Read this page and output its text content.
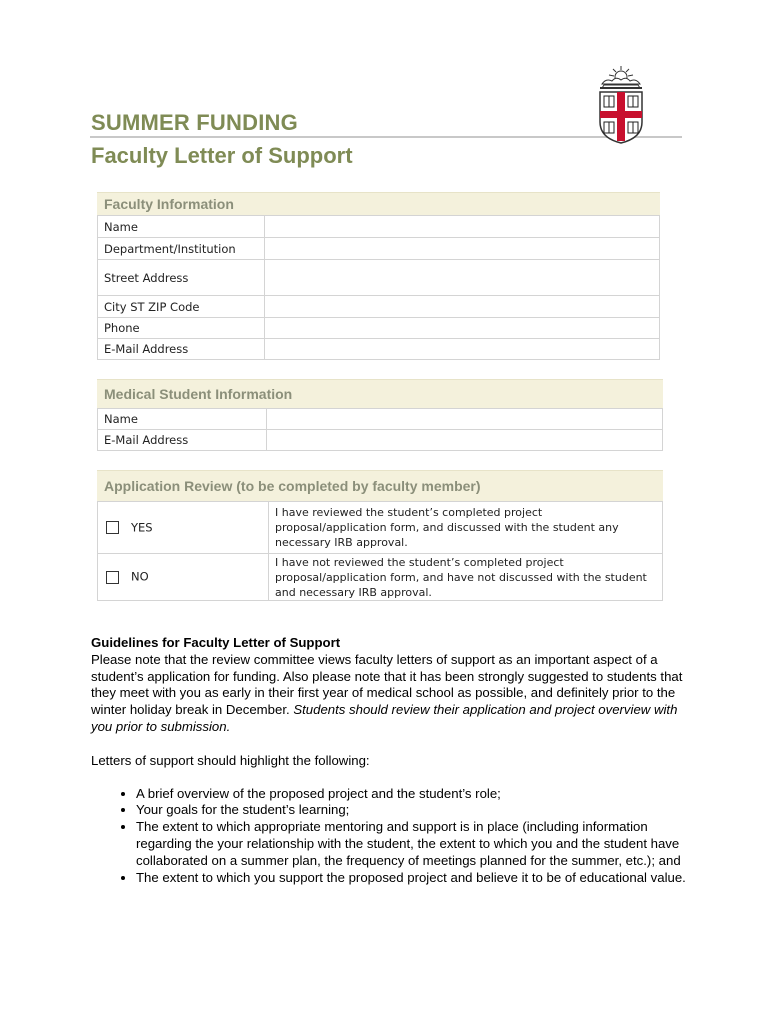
SUMMER FUNDING
Faculty Letter of Support
Faculty Information
Name	
Department/Institution	
Street Address	
City ST ZIP Code	
Phone	
E-Mail Address	
Medical Student Information
Name	
E-Mail Address	
Application Review (to be completed by faculty member)
YES	I have reviewed the student’s completed project proposal/application form, and discussed with the student any necessary IRB approval.
NO	I have not reviewed the student’s completed project proposal/application form, and have not discussed with the student and necessary IRB approval.

Guidelines for Faculty Letter of Support

Please note that the review committee views faculty letters of support as an important aspect of a student’s application for funding. Also please note that it has been strongly suggested to students that they meet with you as early in their first year of medical school as possible, and definitely prior to the winter holiday break in December. Students should review their application and project overview with you prior to submission.

Letters of support should highlight the following:

• A brief overview of the proposed project and the student’s role;
• Your goals for the student’s learning;
• The extent to which appropriate mentoring and support is in place (including information regarding the your relationship with the student, the extent to which you and the student have collaborated on a summer plan, the frequency of meetings planned for the summer, etc.); and
• The extent to which you support the proposed project and believe it to be of educational value.
